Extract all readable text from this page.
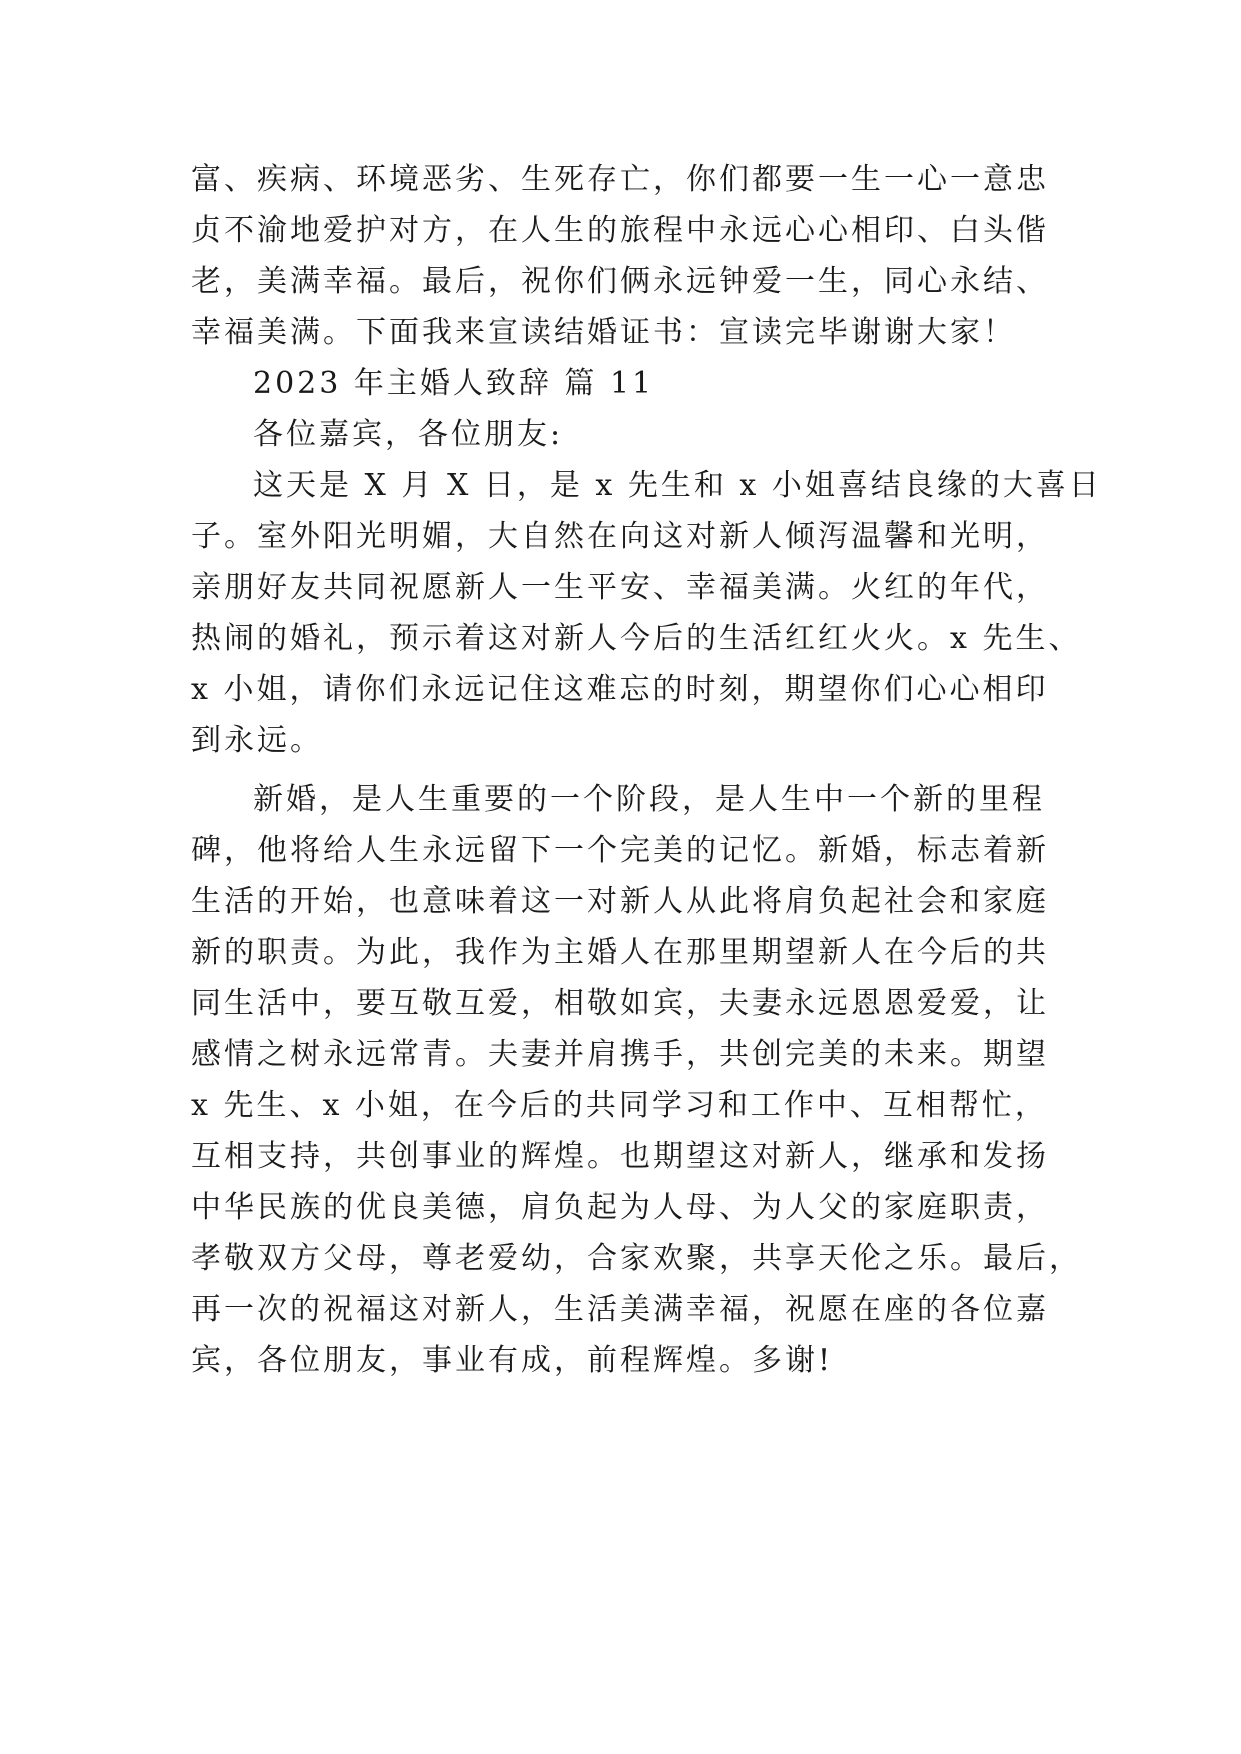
富、疾病、环境恶劣、生死存亡，你们都要一生一心一意忠
贞不渝地爱护对方，在人生的旅程中永远心心相印、白头偕
老，美满幸福。最后，祝你们俩永远钟爱一生，同心永结、
幸福美满。下面我来宣读结婚证书：宣读完毕谢谢大家！
2023 年主婚人致辞 篇 11
各位嘉宾，各位朋友:
这天是 X 月 X 日，是 x 先生和 x 小姐喜结良缘的大喜日
子。室外阳光明媚，大自然在向这对新人倾泻温馨和光明，
亲朋好友共同祝愿新人一生平安、幸福美满。火红的年代，
热闹的婚礼，预示着这对新人今后的生活红红火火。x 先生、
x 小姐，请你们永远记住这难忘的时刻，期望你们心心相印
到永远。
新婚，是人生重要的一个阶段，是人生中一个新的里程
碑，他将给人生永远留下一个完美的记忆。新婚，标志着新
生活的开始，也意味着这一对新人从此将肩负起社会和家庭
新的职责。为此，我作为主婚人在那里期望新人在今后的共
同生活中，要互敬互爱，相敬如宾，夫妻永远恩恩爱爱，让
感情之树永远常青。夫妻并肩携手，共创完美的未来。期望
x 先生、x 小姐，在今后的共同学习和工作中、互相帮忙，
互相支持，共创事业的辉煌。也期望这对新人，继承和发扬
中华民族的优良美德，肩负起为人母、为人父的家庭职责，
孝敬双方父母，尊老爱幼，合家欢聚，共享天伦之乐。最后，
再一次的祝福这对新人，生活美满幸福，祝愿在座的各位嘉
宾，各位朋友，事业有成，前程辉煌。多谢!
